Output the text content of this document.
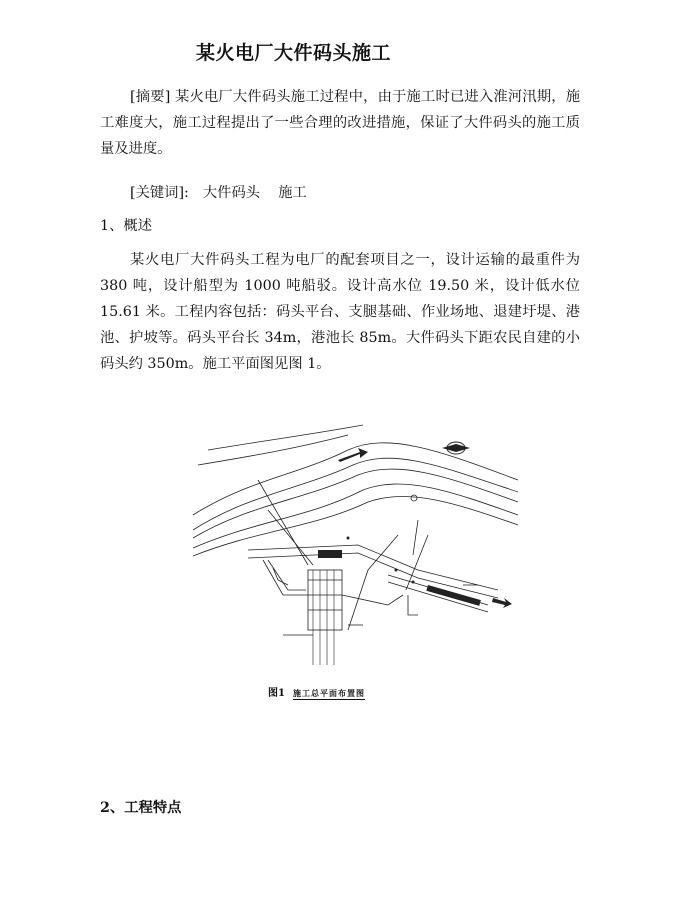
某火电厂大件码头施工
[摘要] 某火电厂大件码头施工过程中，由于施工时已进入淮河汛期，施工难度大，施工过程提出了一些合理的改进措施，保证了大件码头的施工质量及进度。
[关键词]: 大件码头    施工
1、概述
某火电厂大件码头工程为电厂的配套项目之一，设计运输的最重件为 380 吨，设计船型为 1000 吨船驳。设计高水位 19.50 米，设计低水位 15.61 米。工程内容包括：码头平台、支腿基础、作业场地、退建圩堤、港池、护坡等。码头平台长 34m，港池长 85m。大件码头下距农民自建的小码头约 350m。施工平面图见图 1。
图1 施工总平面布置图
2、工程特点
